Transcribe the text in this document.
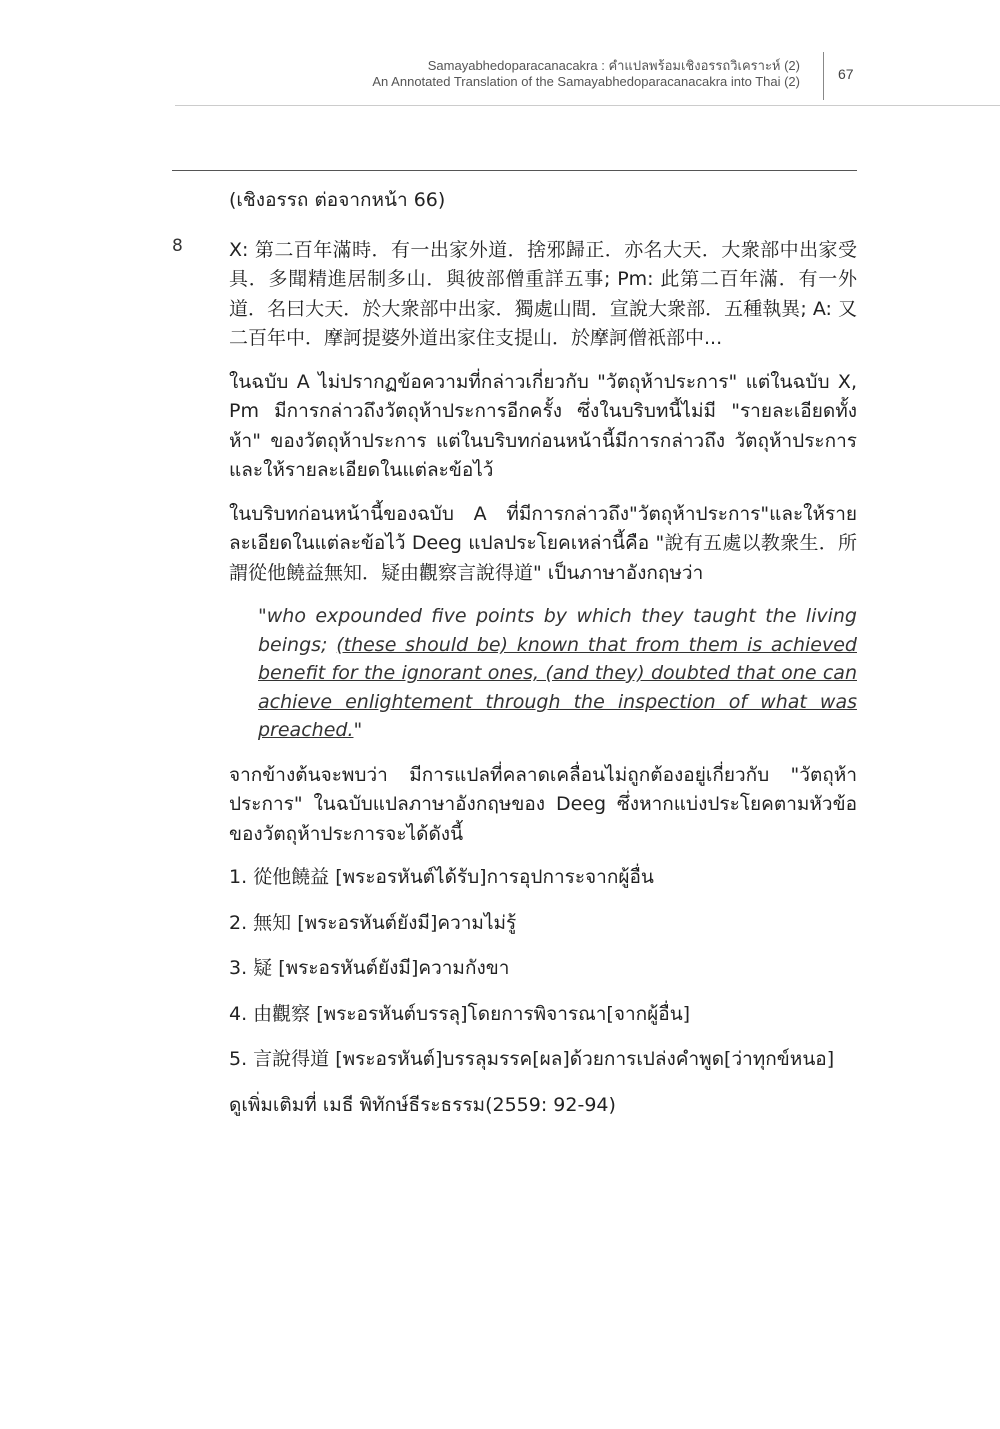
Samayabhedoparacanacakra : คำแปลพร้อมเชิงอรรถวิเคราะห์ (2)
An Annotated Translation of the Samayabhedoparacanacakra into Thai (2)	67
8

(เชิงอรรถ ต่อจากหน้า 66)

X: 第二百年滿時．有一出家外道．捨邪歸正．亦名大天．大衆部中出家受具．多聞精進居制多山．與彼部僧重詳五事; Pm: 此第二百年滿．有一外道．名曰大天．於大衆部中出家．獨處山間．宣說大衆部．五種執異; A: 又二百年中．摩訶提婆外道出家住支提山．於摩訶僧祇部中...

ในฉบับ A ไม่ปรากฏข้อความที่กล่าวเกี่ยวกับ "วัตถุห้าประการ" แต่ในฉบับ X, Pm มีการกล่าวถึงวัตถุห้าประการอีกครั้ง ซึ่งในบริบทนี้ไม่มี "รายละเอียดทั้งห้า" ของวัตถุห้าประการ แต่ในบริบทก่อนหน้านี้มีการกล่าวถึง วัตถุห้าประการและให้รายละเอียดในแต่ละข้อไว้

ในบริบทก่อนหน้านี้ของฉบับ A ที่มีการกล่าวถึง"วัตถุห้าประการ"และให้รายละเอียดในแต่ละข้อไว้ Deeg แปลประโยคเหล่านี้คือ "說有五處以教衆生．所謂從他饒益無知．疑由觀察言說得道" เป็นภาษาอังกฤษว่า

"who expounded five points by which they taught the living beings; (these should be) known that from them is achieved benefit for the ignorant ones, (and they) doubted that one can achieve enlightement through the inspection of what was preached."

จากข้างต้นจะพบว่า มีการแปลที่คลาดเคลื่อนไม่ถูกต้องอยู่เกี่ยวกับ "วัตถุห้าประการ" ในฉบับแปลภาษาอังกฤษของ Deeg ซึ่งหากแบ่งประโยคตามหัวข้อของวัตถุห้าประการจะได้ดังนี้

1. 從他饒益 [พระอรหันต์ได้รับ]การอุปการะจากผู้อื่น
2. 無知 [พระอรหันต์ยังมี]ความไม่รู้
3. 疑 [พระอรหันต์ยังมี]ความกังขา
4. 由觀察 [พระอรหันต์บรรลุ]โดยการพิจารณา[จากผู้อื่น]
5. 言說得道 [พระอรหันต์]บรรลุมรรค[ผล]ด้วยการเปล่งคำพูด[ว่าทุกข์หนอ]

ดูเพิ่มเติมที่ เมธี พิทักษ์ธีระธรรม(2559: 92-94)
